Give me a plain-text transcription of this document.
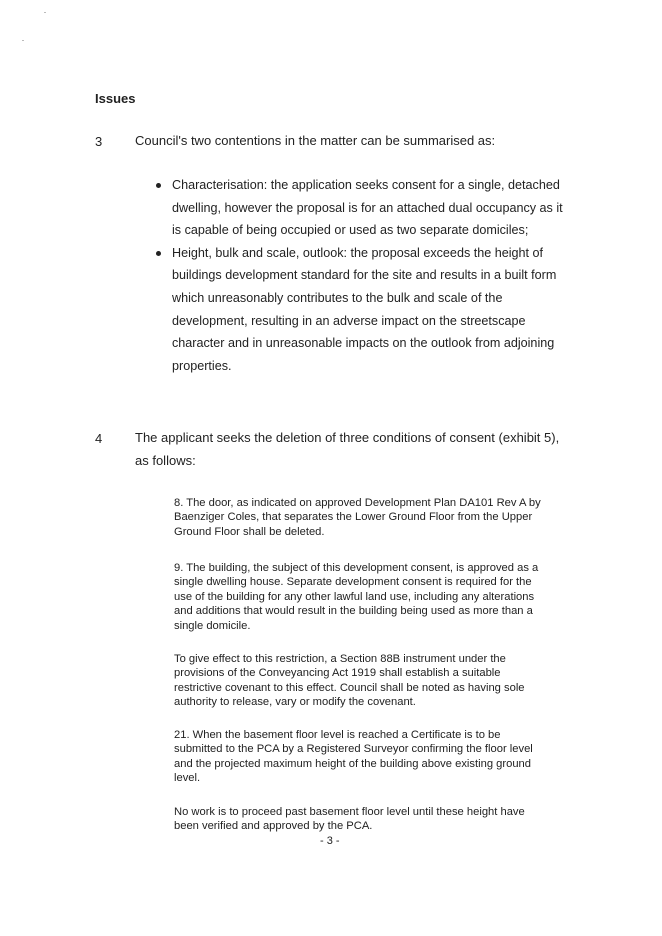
Issues
3	Council's two contentions in the matter can be summarised as:
Characterisation: the application seeks consent for a single, detached dwelling, however the proposal is for an attached dual occupancy as it is capable of being occupied or used as two separate domiciles;
Height, bulk and scale, outlook: the proposal exceeds the height of buildings development standard for the site and results in a built form which unreasonably contributes to the bulk and scale of the development, resulting in an adverse impact on the streetscape character and in unreasonable impacts on the outlook from adjoining properties.
4	The applicant seeks the deletion of three conditions of consent (exhibit 5),
as follows:
8. The door, as indicated on approved Development Plan DA101 Rev A by Baenziger Coles, that separates the Lower Ground Floor from the Upper Ground Floor shall be deleted.
9. The building, the subject of this development consent, is approved as a single dwelling house. Separate development consent is required for the use of the building for any other lawful land use, including any alterations and additions that would result in the building being used as more than a single domicile.
To give effect to this restriction, a Section 88B instrument under the provisions of the Conveyancing Act 1919 shall establish a suitable restrictive covenant to this effect. Council shall be noted as having sole authority to release, vary or modify the covenant.
21. When the basement floor level is reached a Certificate is to be submitted to the PCA by a Registered Surveyor confirming the floor level and the projected maximum height of the building above existing ground level.
No work is to proceed past basement floor level until these height have been verified and approved by the PCA.
- 3 -
